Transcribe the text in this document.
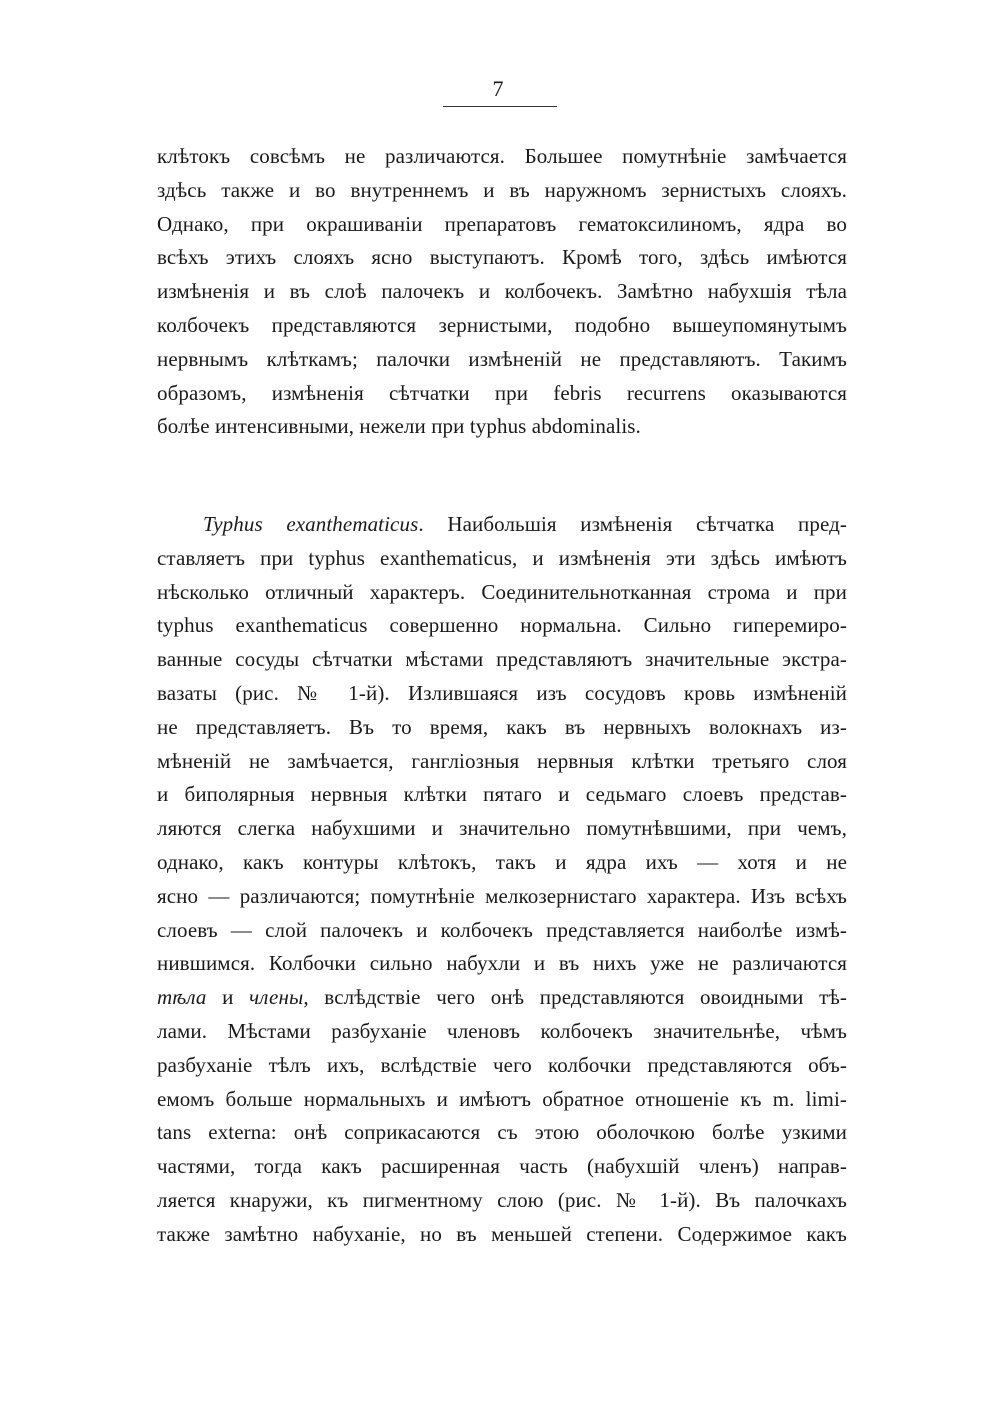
7
клѣтокъ совсѣмъ не различаются. Большее помутнѣніе замѣчается
здѣсь также и во внутреннемъ и въ наружномъ зернистыхъ слояхъ.
Однако, при окрашиваніи препаратовъ гематоксилиномъ, ядра во
всѣхъ этихъ слояхъ ясно выступаютъ. Кромѣ того, здѣсь имѣются
измѣненія и въ слоѣ палочекъ и колбочекъ. Замѣтно набухшія тѣла
колбочекъ представляются зернистыми, подобно вышеупомянутымъ
нервнымъ клѣткамъ; палочки измѣненій не представляютъ. Такимъ
образомъ, измѣненія сѣтчатки при febris recurrens оказываются
болѣе интенсивными, нежели при typhus abdominalis.
Typhus exanthematicus. Наибольшія измѣненія сѣтчатка пред-
ставляетъ при typhus exanthematicus, и измѣненія эти здѣсь имѣютъ
нѣсколько отличный характеръ. Соединительнотканная строма и при
typhus exanthematicus совершенно нормальна. Сильно гиперемиро-
ванные сосуды сѣтчатки мѣстами представляютъ значительные экстра-
вазаты (рис. № 1-й). Излившаяся изъ сосудовъ кровь измѣненій
не представляетъ. Въ то время, какъ въ нервныхъ волокнахъ из-
мѣненій не замѣчается, ганглiозныя нервныя клѣтки третьяго слоя
и биполярныя нервныя клѣтки пятаго и седьмаго слоевъ представ-
ляются слегка набухшими и значительно помутнѣвшими, при чемъ,
однако, какъ контуры клѣтокъ, такъ и ядра ихъ — хотя и не
ясно — различаются; помутнѣніе мелкозернистаго характера. Изъ всѣхъ
слоевъ — слой палочекъ и колбочекъ представляется наиболѣе измѣ-
нившимся. Колбочки сильно набухли и въ нихъ уже не различаются
тѣла и члены, вслѣдствіе чего онѣ представляются овоидными тѣ-
лами. Мѣстами разбуханіе членовъ колбочекъ значительнѣе, чѣмъ
разбуханіе тѣлъ ихъ, вслѣдствіе чего колбочки представляются объ-
емомъ больше нормальныхъ и имѣютъ обратное отношеніе къ m. limi-
tans externa: онѣ соприкасаются съ этою оболочкою болѣе узкими
частями, тогда какъ расширенная часть (набухшій членъ) направ-
ляется кнаружи, къ пигментному слою (рис. № 1-й). Въ палочкахъ
также замѣтно набуханіе, но въ меньшей степени. Содержимое какъ
